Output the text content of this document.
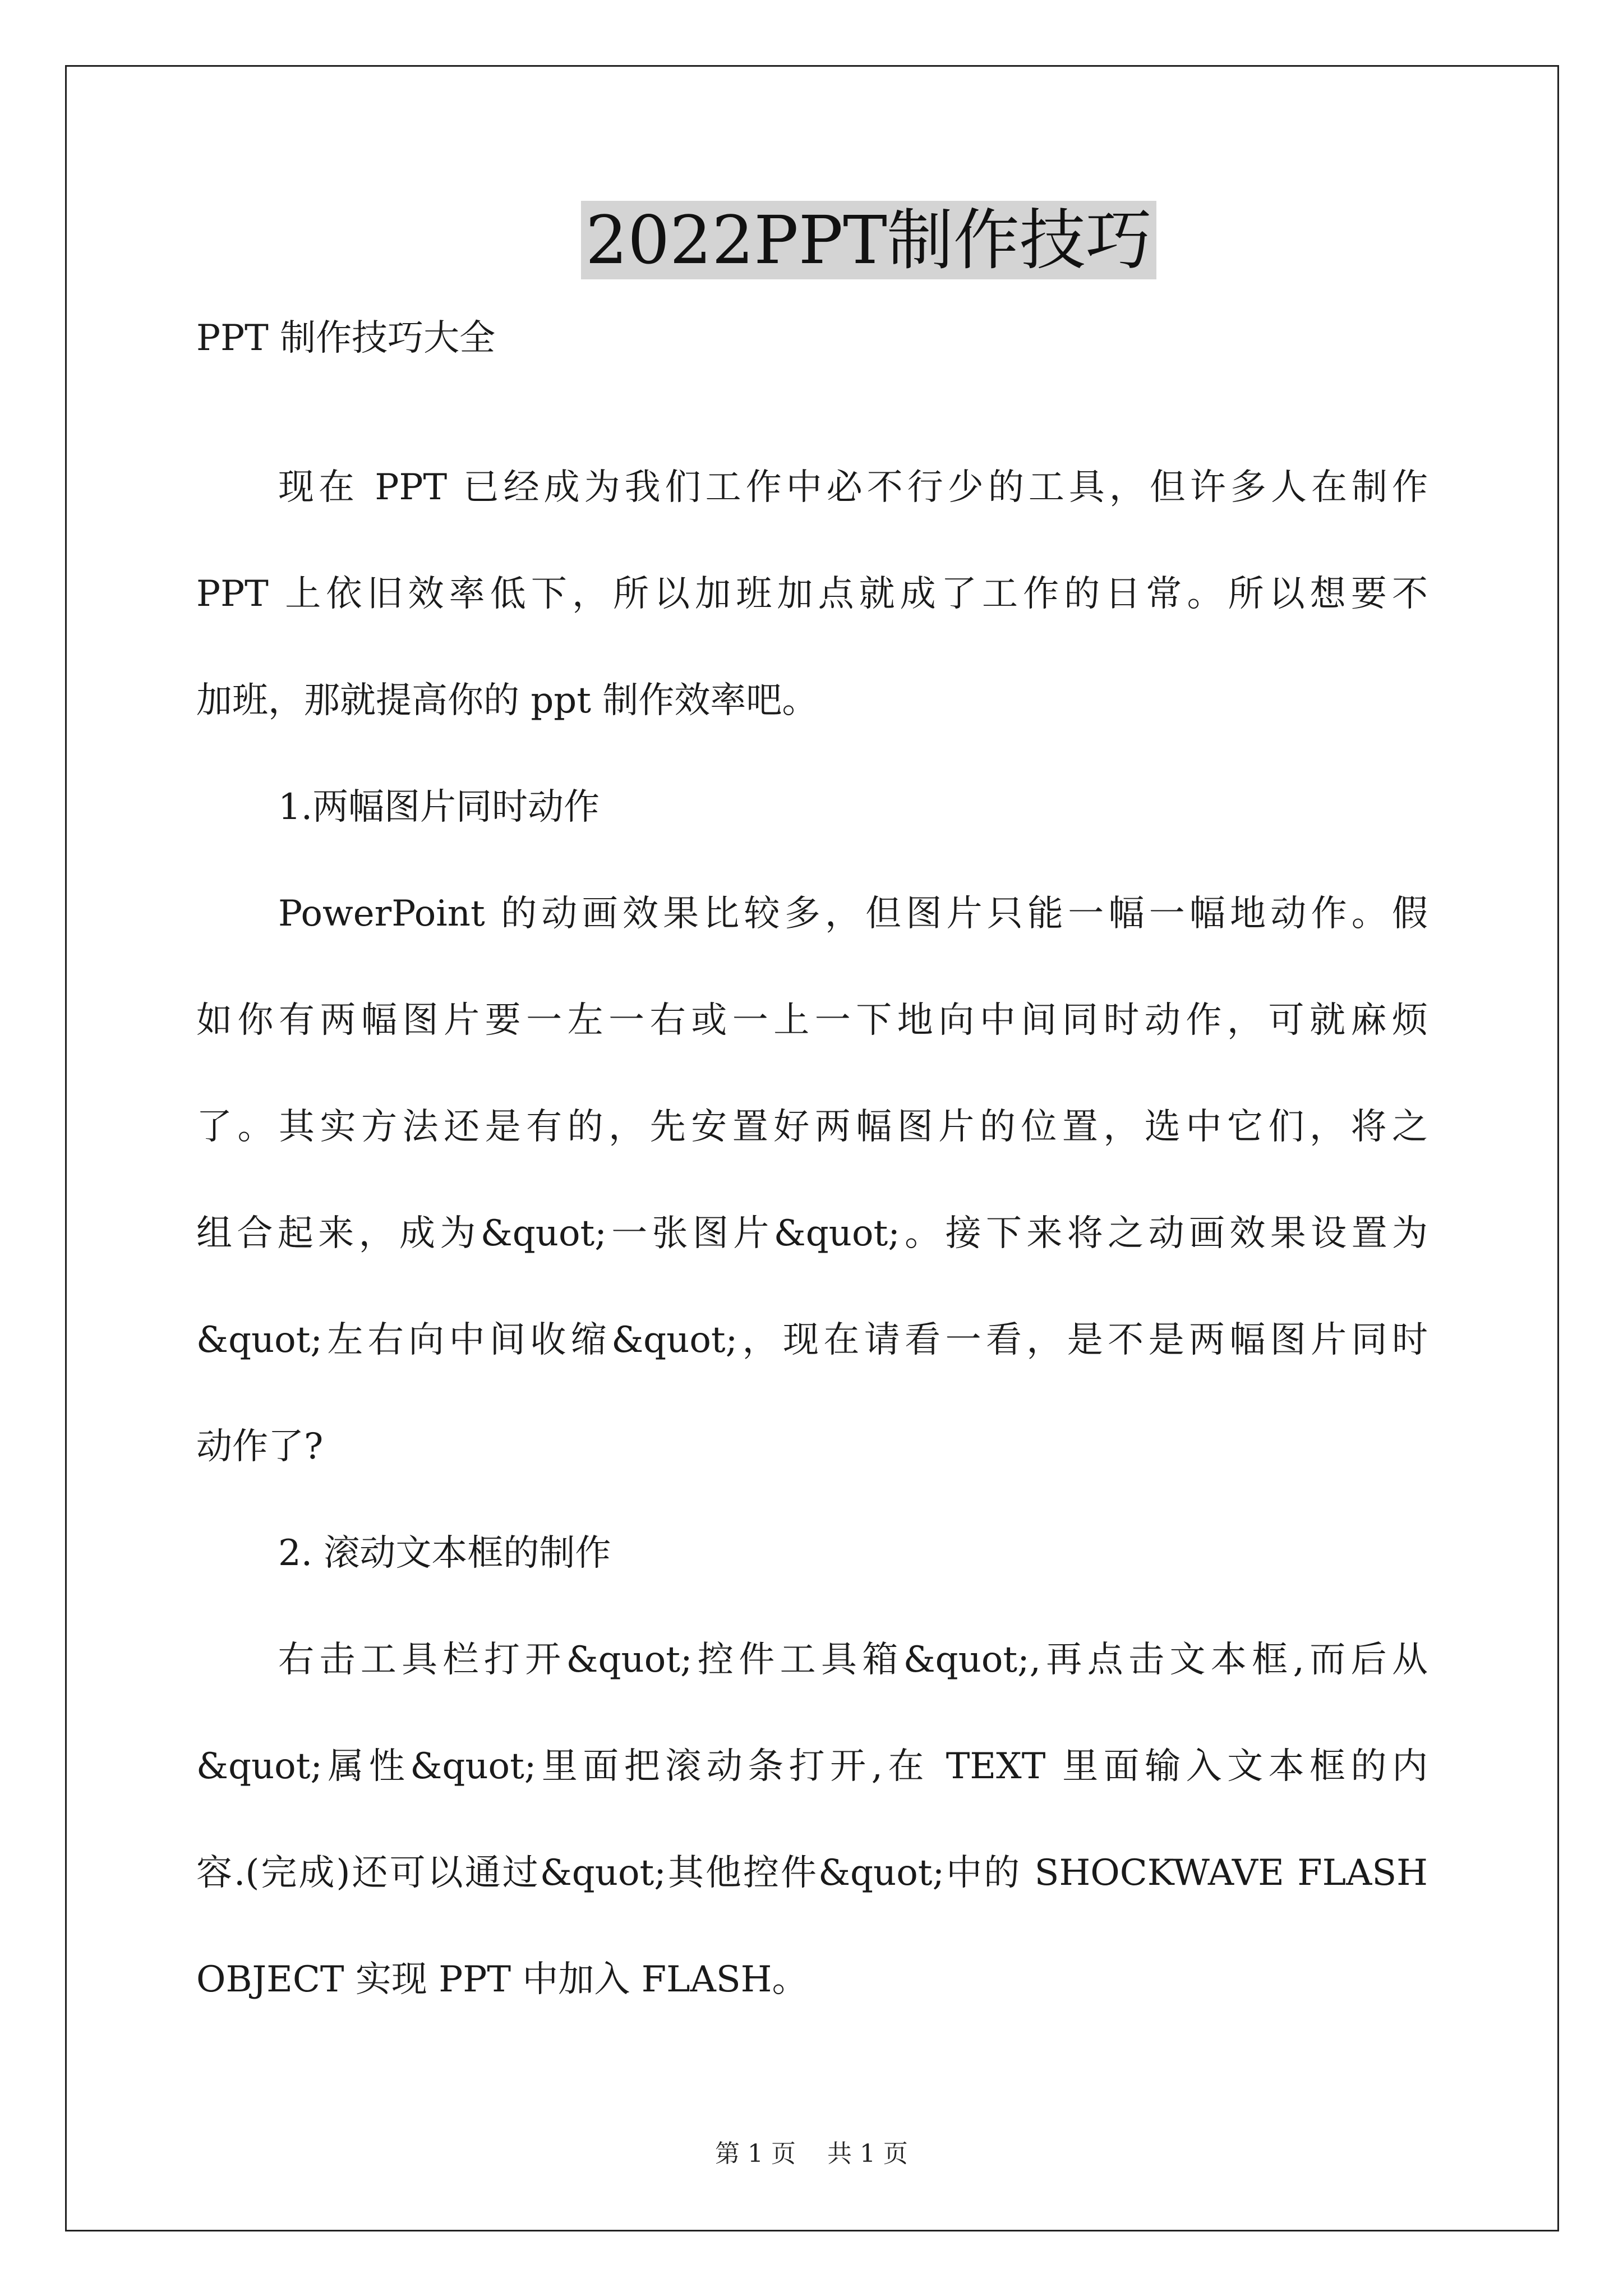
2022PPT制作技巧
PPT 制作技巧大全
现在 PPT 已经成为我们工作中必不行少的工具，但许多人在制作
PPT 上依旧效率低下，所以加班加点就成了工作的日常。所以想要不
加班，那就提高你的 ppt 制作效率吧。
1.两幅图片同时动作
PowerPoint 的动画效果比较多，但图片只能一幅一幅地动作。假
如你有两幅图片要一左一右或一上一下地向中间同时动作，可就麻烦
了。其实方法还是有的，先安置好两幅图片的位置，选中它们，将之
组合起来，成为&quot;一张图片&quot;。接下来将之动画效果设置为
&quot;左右向中间收缩&quot;，现在请看一看，是不是两幅图片同时
动作了?
2. 滚动文本框的制作
右击工具栏打开&quot;控件工具箱&quot;,再点击文本框,而后从
&quot;属性&quot;里面把滚动条打开,在 TEXT 里面输入文本框的内
容.(完成)还可以通过&quot;其他控件&quot;中的 SHOCKWAVE FLASH
OBJECT 实现 PPT 中加入 FLASH。
第 1 页    共 1 页
